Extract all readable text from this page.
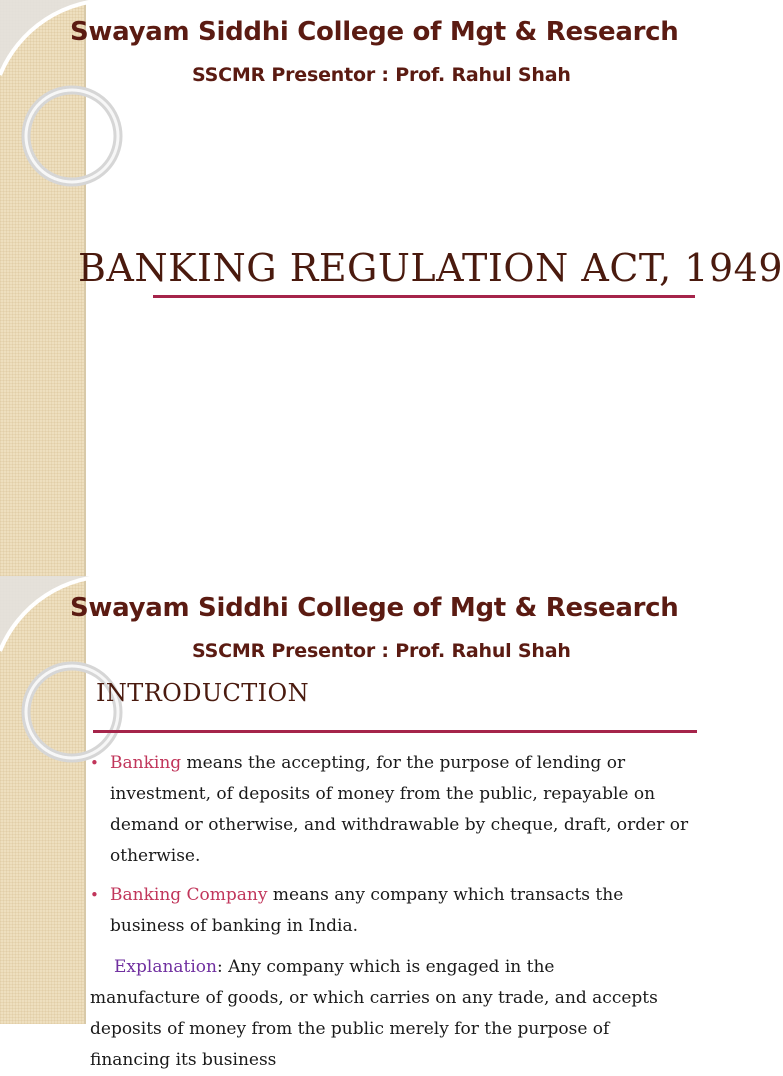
Swayam Siddhi College of Mgt & Research
SSCMR Presentor : Prof. Rahul Shah
BANKING REGULATION ACT, 1949
Swayam Siddhi College of Mgt & Research
SSCMR Presentor : Prof. Rahul Shah
INTRODUCTION
• Banking means the accepting, for the purpose of lending or investment, of deposits of money from the public, repayable on demand or otherwise, and withdrawable by cheque, draft, order or otherwise.
• Banking Company means any company which transacts the business of banking in India.
Explanation: Any company which is engaged in the
manufacture of goods, or which carries on any trade, and accepts deposits of money from the public merely for the purpose of financing its business
